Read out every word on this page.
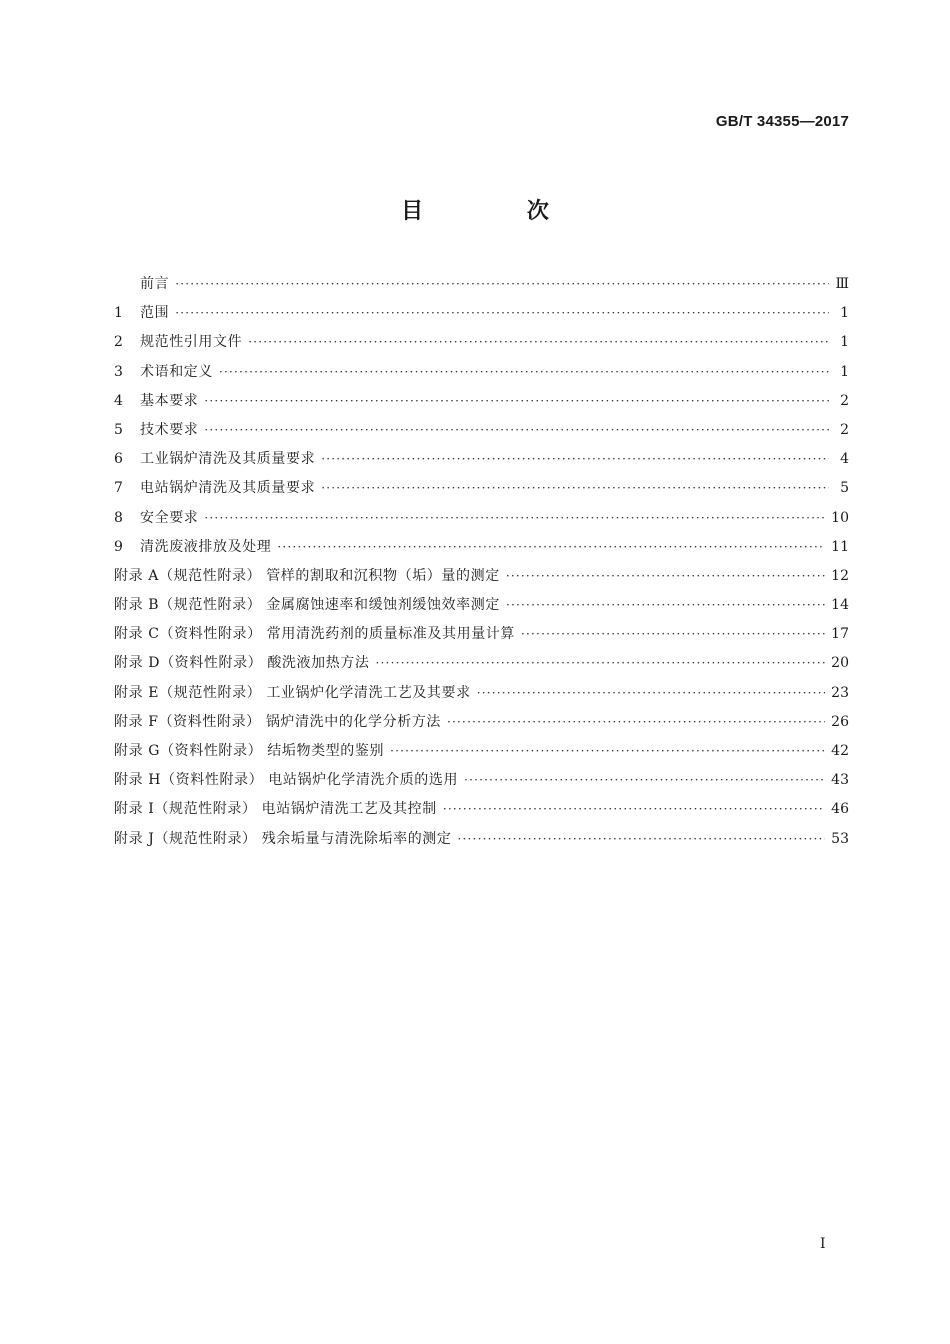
GB/T 34355—2017
目 次
前言 ·····	Ⅲ
1	范围 ·····	1
2	规范性引用文件 ·····	1
3	术语和定义 ·····	1
4	基本要求 ·····	2
5	技术要求 ·····	2
6	工业锅炉清洗及其质量要求 ·····	4
7	电站锅炉清洗及其质量要求 ·····	5
8	安全要求 ·····	10
9	清洗废液排放及处理 ·····	11
附录 A（规范性附录） 管样的割取和沉积物（垢）量的测定 ·····	12
附录 B（规范性附录） 金属腐蚀速率和缓蚀剂缓蚀效率测定 ·····	14
附录 C（资料性附录） 常用清洗药剂的质量标准及其用量计算 ·····	17
附录 D（资料性附录） 酸洗液加热方法 ·····	20
附录 E（规范性附录） 工业锅炉化学清洗工艺及其要求 ·····	23
附录 F（资料性附录） 锅炉清洗中的化学分析方法 ·····	26
附录 G（资料性附录） 结垢物类型的鉴别 ·····	42
附录 H（资料性附录） 电站锅炉化学清洗介质的选用 ·····	43
附录 I（规范性附录） 电站锅炉清洗工艺及其控制 ·····	46
附录 J（规范性附录） 残余垢量与清洗除垢率的测定 ·····	53
I
